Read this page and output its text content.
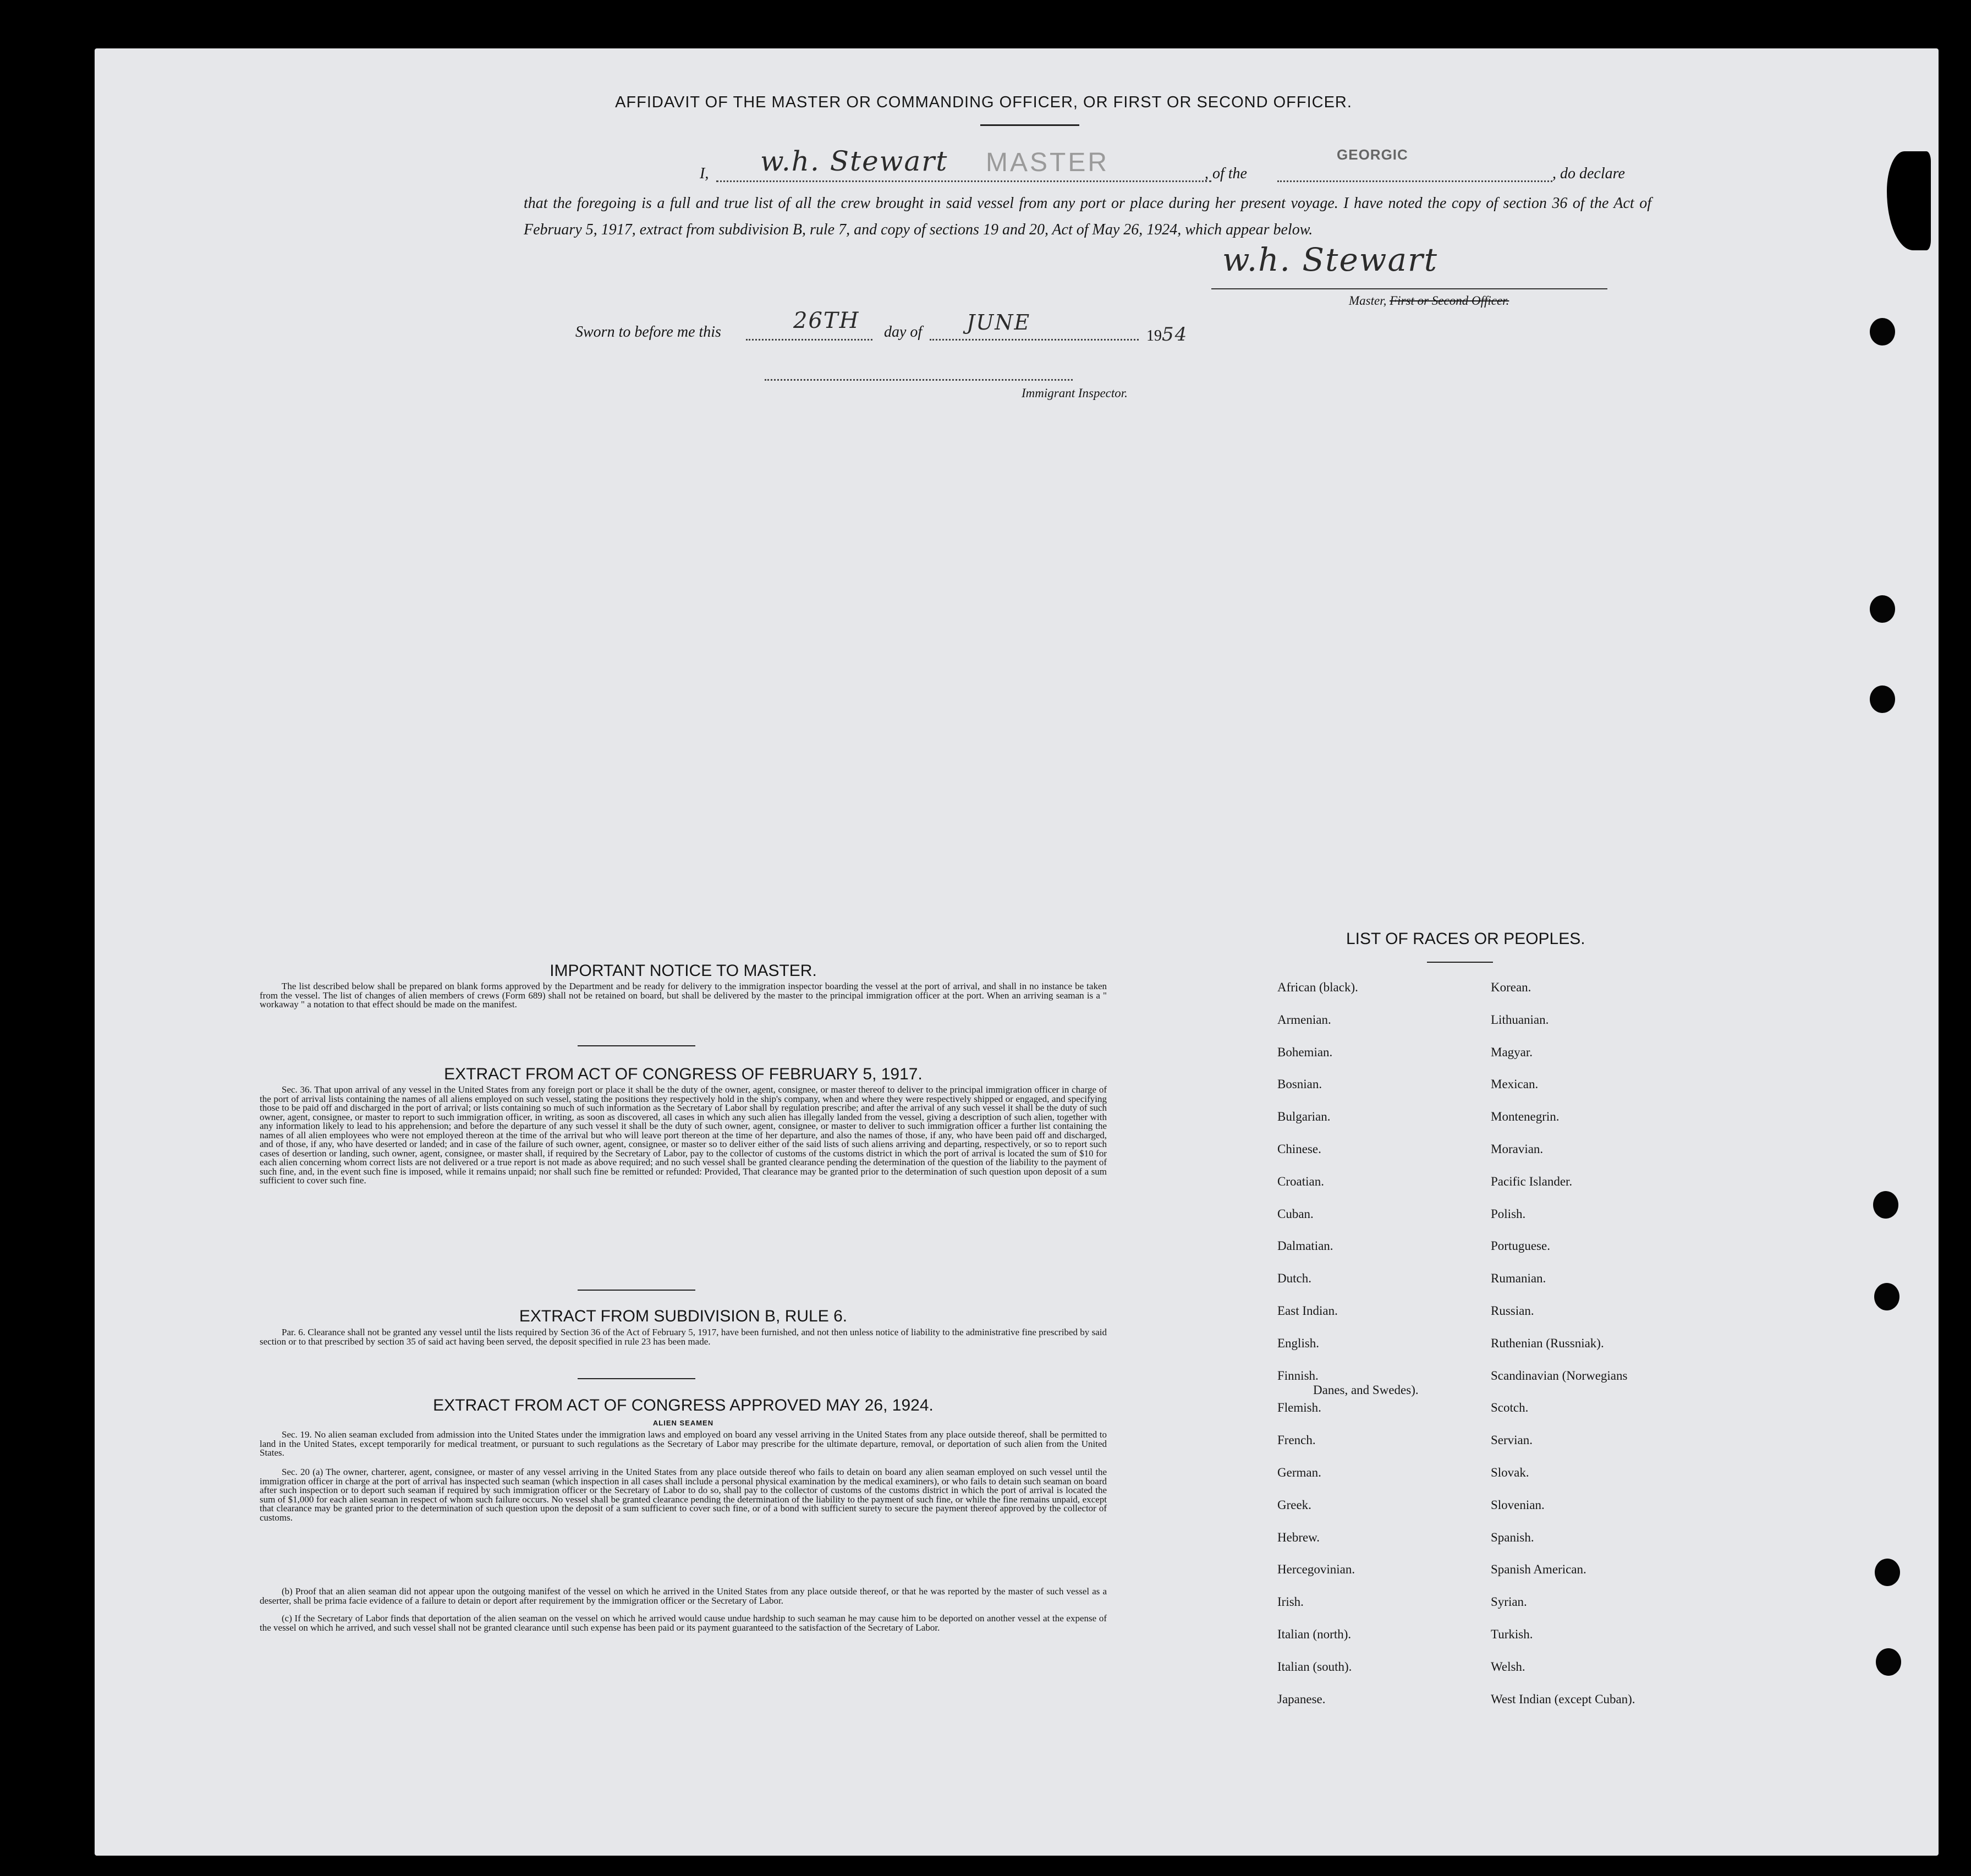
AFFIDAVIT OF THE MASTER OR COMMANDING OFFICER, OR FIRST OR SECOND OFFICER.
I, w.h. Stewart MASTER	, of the
GEORGIC
, do declare
that the foregoing is a full and true list of all the crew brought in said vessel from any port or place during her present voyage. I have noted the copy of section 36 of the Act of February 5, 1917, extract from subdivision B, rule 7, and copy of sections 19 and 20, Act of May 26, 1924, which appear below.
w.h. Stewart
Master, First or Second Officer.
Sworn to before me this	26TH day of JUNE
1954
Immigrant Inspector.
IMPORTANT NOTICE TO MASTER.
The list described below shall be prepared on blank forms approved by the Department and be ready for delivery to the immigration inspector boarding the vessel at the port of arrival, and shall in no instance be taken from the vessel. The list of changes of alien members of crews (Form 689) shall not be retained on board, but shall be delivered by the master to the principal immigration officer at the port. When an arriving seaman is a " workaway " a notation to that effect should be made on the manifest.
EXTRACT FROM ACT OF CONGRESS OF FEBRUARY 5, 1917.
Sec. 36. That upon arrival of any vessel in the United States from any foreign port or place it shall be the duty of the owner, agent, consignee, or master thereof to deliver to the principal immigration officer in charge of the port of arrival lists containing the names of all aliens employed on such vessel, stating the positions they respectively hold in the ship's company, when and where they were respectively shipped or engaged, and specifying those to be paid off and discharged in the port of arrival; or lists containing so much of such information as the Secretary of Labor shall by regulation prescribe; and after the arrival of any such vessel it shall be the duty of such owner, agent, consignee, or master to report to such immigration officer, in writing, as soon as discovered, all cases in which any such alien has illegally landed from the vessel, giving a description of such alien, together with any information likely to lead to his apprehension; and before the departure of any such vessel it shall be the duty of such owner, agent, consignee, or master to deliver to such immigration officer a further list containing the names of all alien employees who were not employed thereon at the time of the arrival but who will leave port thereon at the time of her departure, and also the names of those, if any, who have been paid off and discharged, and of those, if any, who have deserted or landed; and in case of the failure of such owner, agent, consignee, or master so to deliver either of the said lists of such aliens arriving and departing, respectively, or so to report such cases of desertion or landing, such owner, agent, consignee, or master shall, if required by the Secretary of Labor, pay to the collector of customs of the customs district in which the port of arrival is located the sum of $10 for each alien concerning whom correct lists are not delivered or a true report is not made as above required; and no such vessel shall be granted clearance pending the determination of the question of the liability to the payment of such fine, and, in the event such fine is imposed, while it remains unpaid; nor shall such fine be remitted or refunded: Provided, That clearance may be granted prior to the determination of such question upon deposit of a sum sufficient to cover such fine.
EXTRACT FROM SUBDIVISION B, RULE 6.
Par. 6. Clearance shall not be granted any vessel until the lists required by Section 36 of the Act of February 5, 1917, have been furnished, and not then unless notice of liability to the administrative fine prescribed by said section or to that prescribed by section 35 of said act having been served, the deposit specified in rule 23 has been made.
EXTRACT FROM ACT OF CONGRESS APPROVED MAY 26, 1924.
ALIEN SEAMEN
Sec. 19. No alien seaman excluded from admission into the United States under the immigration laws and employed on board any vessel arriving in the United States from any place outside thereof, shall be permitted to land in the United States, except temporarily for medical treatment, or pursuant to such regulations as the Secretary of Labor may prescribe for the ultimate departure, removal, or deportation of such alien from the United States.
Sec. 20 (a) The owner, charterer, agent, consignee, or master of any vessel arriving in the United States from any place outside thereof who fails to detain on board any alien seaman employed on such vessel until the immigration officer in charge at the port of arrival has inspected such seaman (which inspection in all cases shall include a personal physical examination by the medical examiners), or who fails to detain such seaman on board after such inspection or to deport such seaman if required by such immigration officer or the Secretary of Labor to do so, shall pay to the collector of customs of the customs district in which the port of arrival is located the sum of $1,000 for each alien seaman in respect of whom such failure occurs. No vessel shall be granted clearance pending the determination of the liability to the payment of such fine, or while the fine remains unpaid, except that clearance may be granted prior to the determination of such question upon the deposit of a sum sufficient to cover such fine, or of a bond with sufficient surety to secure the payment thereof approved by the collector of customs.
(b) Proof that an alien seaman did not appear upon the outgoing manifest of the vessel on which he arrived in the United States from any place outside thereof, or that he was reported by the master of such vessel as a deserter, shall be prima facie evidence of a failure to detain or deport after requirement by the immigration officer or the Secretary of Labor.
(c) If the Secretary of Labor finds that deportation of the alien seaman on the vessel on which he arrived would cause undue hardship to such seaman he may cause him to be deported on another vessel at the expense of the vessel on which he arrived, and such vessel shall not be granted clearance until such expense has been paid or its payment guaranteed to the satisfaction of the Secretary of Labor.
LIST OF RACES OR PEOPLES.
African (black).
Armenian.
Bohemian.
Bosnian.
Bulgarian.
Chinese.
Croatian.
Cuban.
Dalmatian.
Dutch.
East Indian.
English.
Finnish.
Flemish.
French.
German.
Greek.
Hebrew.
Hercegovinian.
Irish.
Italian (north).
Italian (south).
Japanese.
Korean.
Lithuanian.
Magyar.
Mexican.
Montenegrin.
Moravian.
Pacific Islander.
Polish.
Portuguese.
Rumanian.
Russian.
Ruthenian (Russniak).
Scandinavian (Norwegians
Danes, and Swedes).
Scotch.
Servian.
Slovak.
Slovenian.
Spanish.
Spanish American.
Syrian.
Turkish.
Welsh.
West Indian (except Cuban).
